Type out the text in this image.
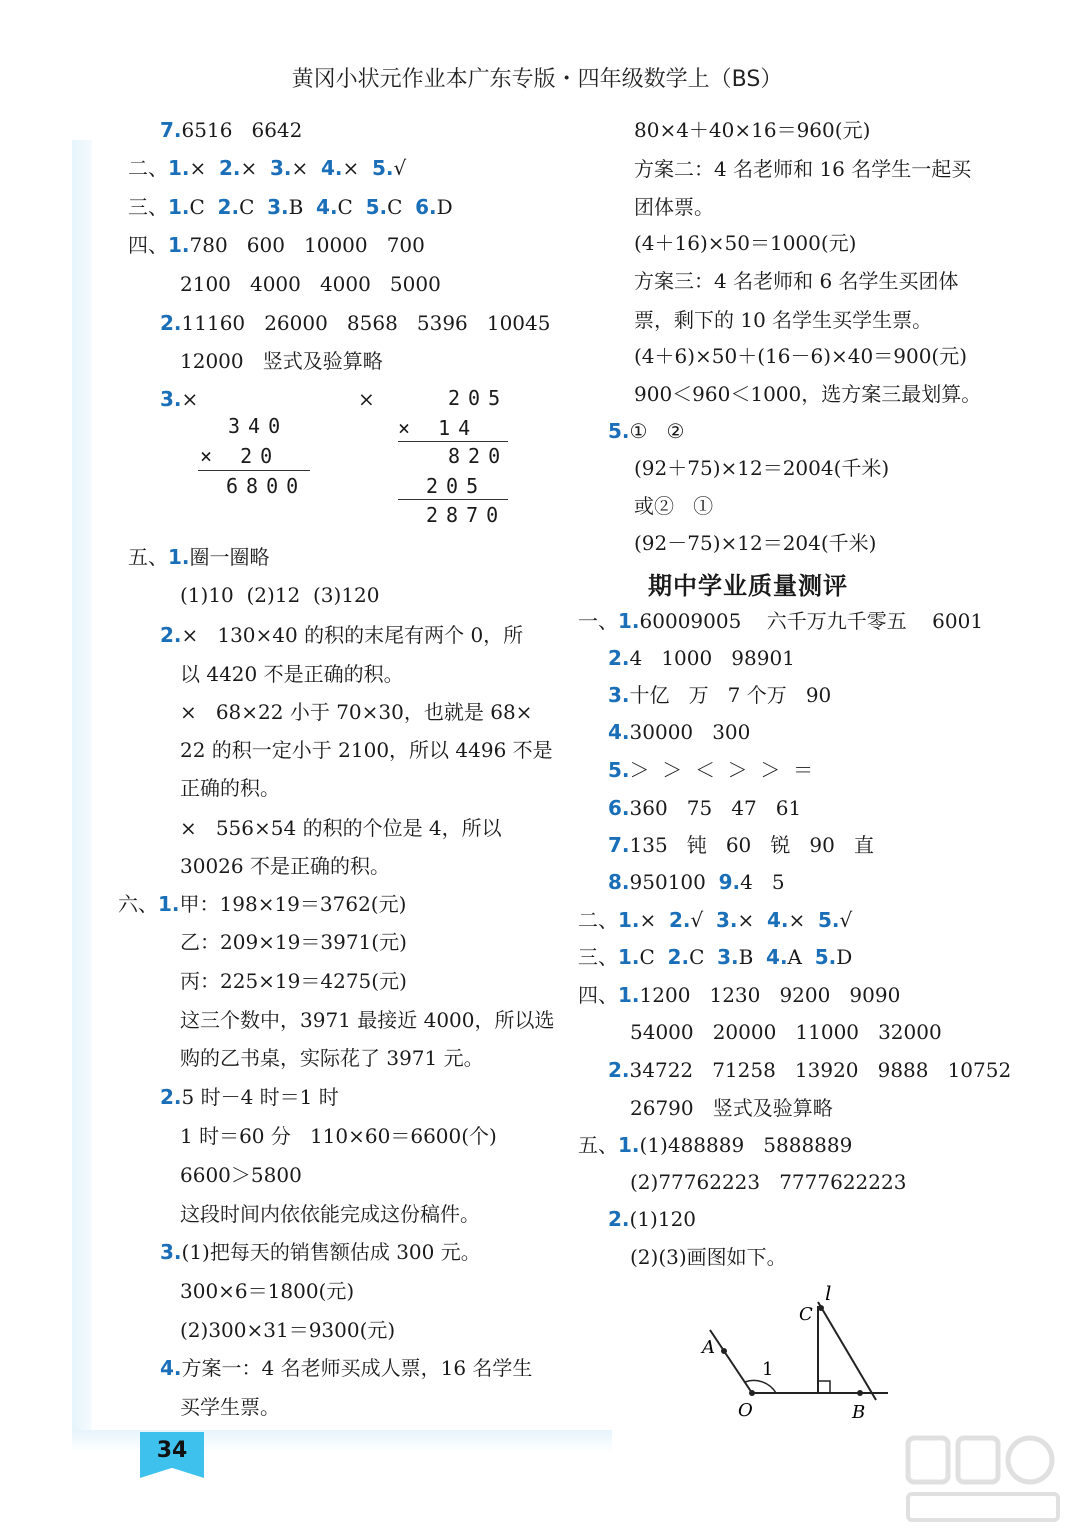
黄冈小状元作业本广东专版・四年级数学上（BS）
7.6516   6642
二、1.×  2.×  3.×  4.×  5.√
三、1.C  2.C  3.B  4.C  5.C  6.D
四、1.780   600   10000   700
2100   4000   4000   5000
2.11160   26000   8568   5396   10045
12000   竖式及验算略
3.×
340
× 20
6800
×	205
× 14
820
205
2870
五、1.圈一圈略
(1)10  (2)12  (3)120
2.×   130×40 的积的末尾有两个 0，所
以 4420 不是正确的积。
×   68×22 小于 70×30，也就是 68×
22 的积一定小于 2100，所以 4496 不是
正确的积。
×   556×54 的积的个位是 4，所以
30026 不是正确的积。
六、1.甲：198×19＝3762(元)
乙：209×19＝3971(元)
丙：225×19＝4275(元)
这三个数中，3971 最接近 4000，所以选
购的乙书桌，实际花了 3971 元。
2.5 时－4 时＝1 时
1 时＝60 分   110×60＝6600(个)
6600＞5800
这段时间内依依能完成这份稿件。
3.(1)把每天的销售额估成 300 元。
300×6＝1800(元)
(2)300×31＝9300(元)
4.方案一：4 名老师买成人票，16 名学生
买学生票。
80×4＋40×16＝960(元)
方案二：4 名老师和 16 名学生一起买
团体票。
(4＋16)×50＝1000(元)
方案三：4 名老师和 6 名学生买团体
票，剩下的 10 名学生买学生票。
(4＋6)×50＋(16－6)×40＝900(元)
900＜960＜1000，选方案三最划算。
5.①   ②
(92＋75)×12＝2004(千米)
或②   ①
(92－75)×12＝204(千米)
期中学业质量测评
一、1.60009005    六千万九千零五    6001
2.4   1000   98901
3.十亿   万   7 个万   90
4.30000   300
5.＞  ＞  ＜  ＞  ＞  ＝
6.360   75   47   61
7.135   钝   60   锐   90   直
8.950100  9.4   5
二、1.×  2.√  3.×  4.×  5.√
三、1.C  2.C  3.B  4.A  5.D
四、1.1200   1230   9200   9090
54000   20000   11000   32000
2.34722   71258   13920   9888   10752
26790   竖式及验算略
五、1.(1)488889   5888889
(2)77762223   7777622223
2.(1)120
(2)(3)画图如下。
l
C
A
1
O	B
34
